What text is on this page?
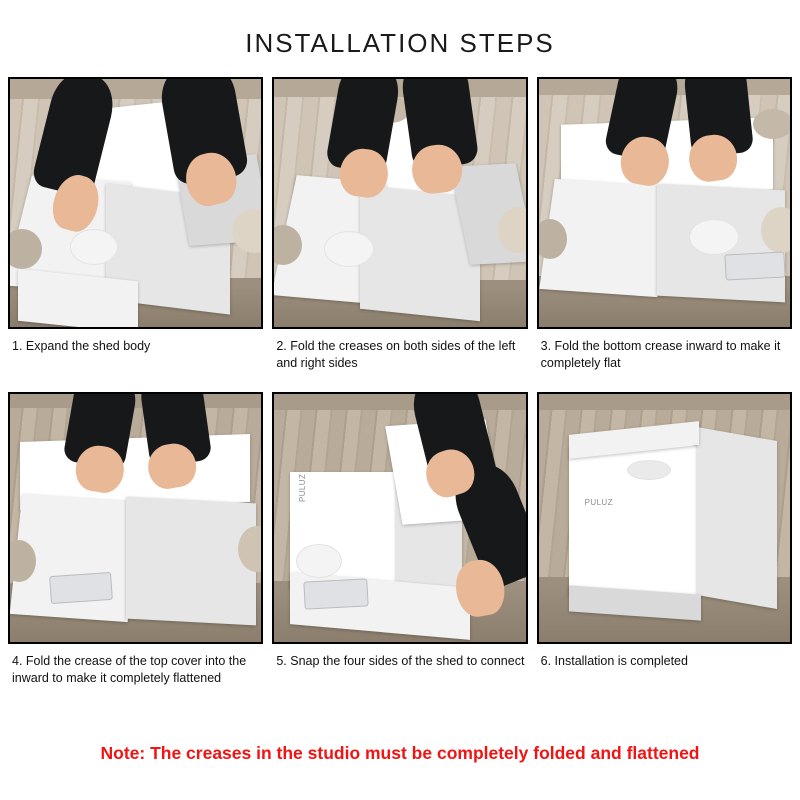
INSTALLATION STEPS
1. Expand the shed body	2. Fold the creases on both sides of the left and right sides
3. Fold the bottom crease inward to make it completely flat
4. Fold the crease of the top cover into the inward to make it completely flattened
PULUZ
5. Snap the four sides of the shed to connect
PULUZ
6. Installation is completed
Note: The creases in the studio must be completely folded and flattened
